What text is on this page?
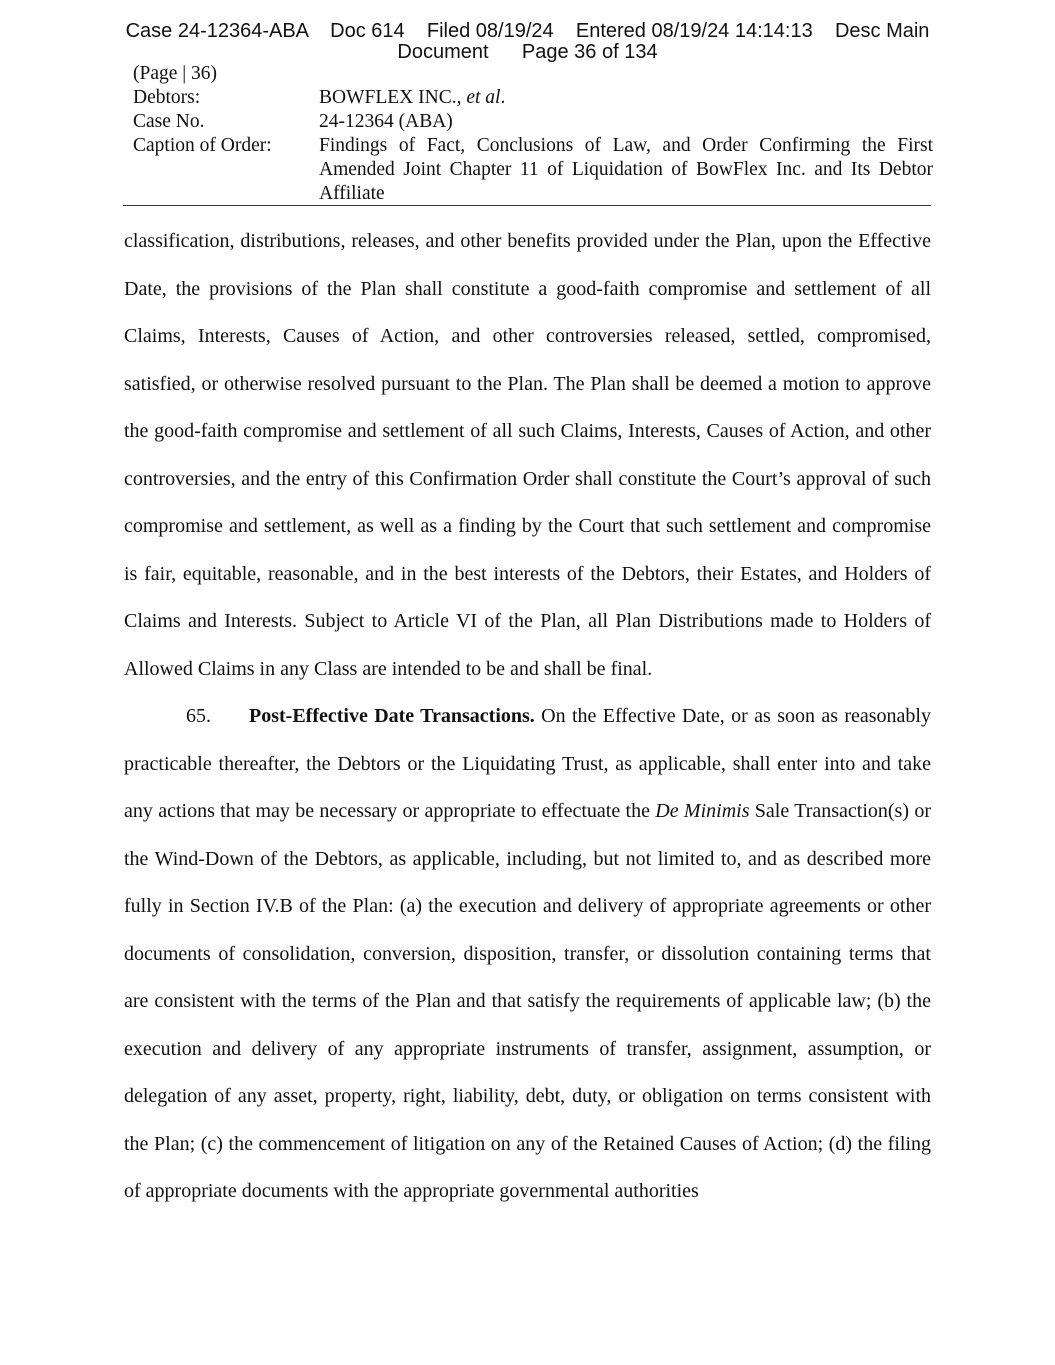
Case 24-12364-ABA    Doc 614    Filed 08/19/24    Entered 08/19/24 14:14:13    Desc Main
Document      Page 36 of 134
(Page | 36)
Debtors:	BOWFLEX INC., et al.
Case No.	24-12364 (ABA)
Caption of Order:	Findings of Fact, Conclusions of Law, and Order Confirming the First Amended Joint Chapter 11 of Liquidation of BowFlex Inc. and Its Debtor Affiliate

classification, distributions, releases, and other benefits provided under the Plan, upon the Effective Date, the provisions of the Plan shall constitute a good-faith compromise and settlement of all Claims, Interests, Causes of Action, and other controversies released, settled, compromised, satisfied, or otherwise resolved pursuant to the Plan. The Plan shall be deemed a motion to approve the good-faith compromise and settlement of all such Claims, Interests, Causes of Action, and other controversies, and the entry of this Confirmation Order shall constitute the Court’s approval of such compromise and settlement, as well as a finding by the Court that such settlement and compromise is fair, equitable, reasonable, and in the best interests of the Debtors, their Estates, and Holders of Claims and Interests. Subject to Article VI of the Plan, all Plan Distributions made to Holders of Allowed Claims in any Class are intended to be and shall be final.

65. Post-Effective Date Transactions. On the Effective Date, or as soon as reasonably practicable thereafter, the Debtors or the Liquidating Trust, as applicable, shall enter into and take any actions that may be necessary or appropriate to effectuate the De Minimis Sale Transaction(s) or the Wind-Down of the Debtors, as applicable, including, but not limited to, and as described more fully in Section IV.B of the Plan: (a) the execution and delivery of appropriate agreements or other documents of consolidation, conversion, disposition, transfer, or dissolution containing terms that are consistent with the terms of the Plan and that satisfy the requirements of applicable law; (b) the execution and delivery of any appropriate instruments of transfer, assignment, assumption, or delegation of any asset, property, right, liability, debt, duty, or obligation on terms consistent with the Plan; (c) the commencement of litigation on any of the Retained Causes of Action; (d) the filing of appropriate documents with the appropriate governmental authorities
